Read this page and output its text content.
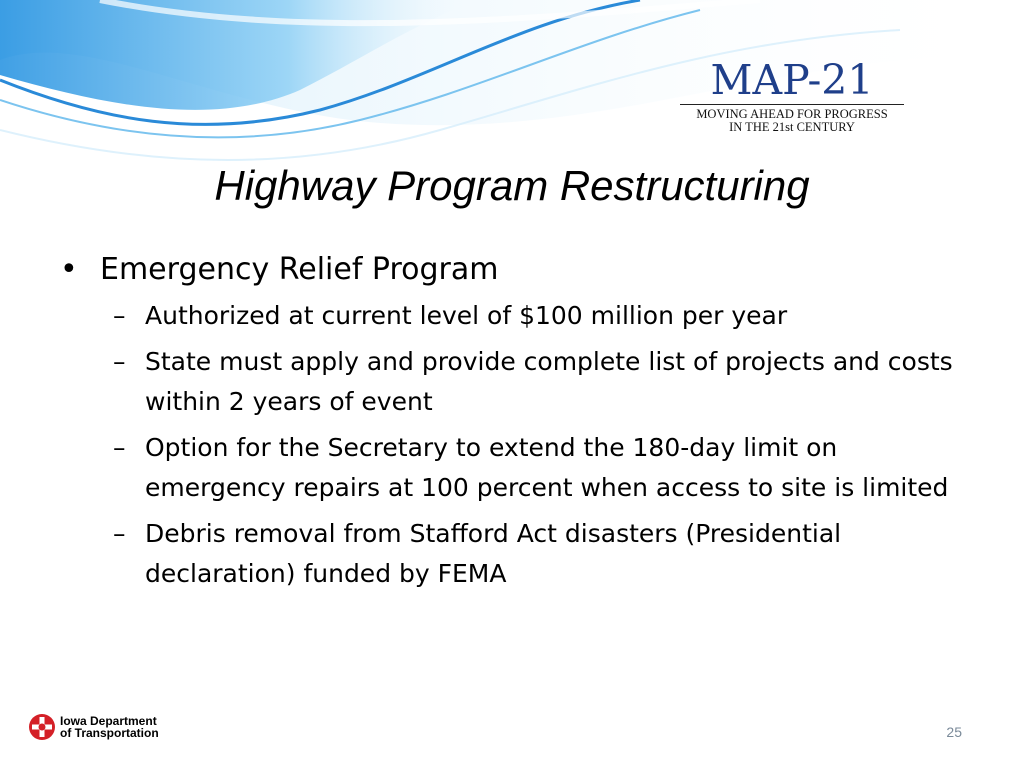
MAP-21
MOVING AHEAD FOR PROGRESS
IN THE 21st CENTURY
Highway Program Restructuring
• Emergency Relief Program
– Authorized at current level of $100 million per year
– State must apply and provide complete list of projects and costs within 2 years of event
– Option for the Secretary to extend the 180-day limit on emergency repairs at 100 percent when access to site is limited
– Debris removal from Stafford Act disasters (Presidential declaration) funded by FEMA
Iowa Department
of Transportation	25
